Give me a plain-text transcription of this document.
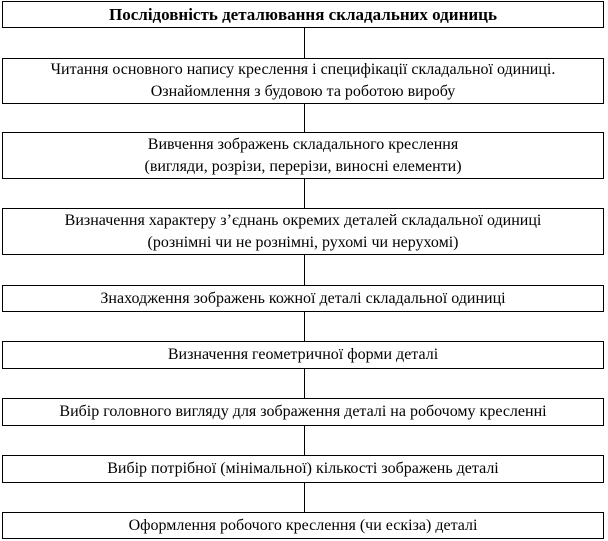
Послідовність деталювання складальних одиниць
Читання основного напису креслення і специфікації складальної одиниці.
Ознайомлення з будовою та роботою виробу
Вивчення зображень складального креслення
(вигляди, розрізи, перерізи, виносні елементи)
Визначення характеру з’єднань окремих деталей складальної одиниці
(рознімні чи не рознімні, рухомі чи нерухомі)
Знаходження зображень кожної деталі складальної одиниці
Визначення геометричної форми деталі
Вибір головного вигляду для зображення деталі на робочому кресленні
Вибір потрібної (мінімальної) кількості зображень деталі
Оформлення робочого креслення (чи ескіза) деталі
